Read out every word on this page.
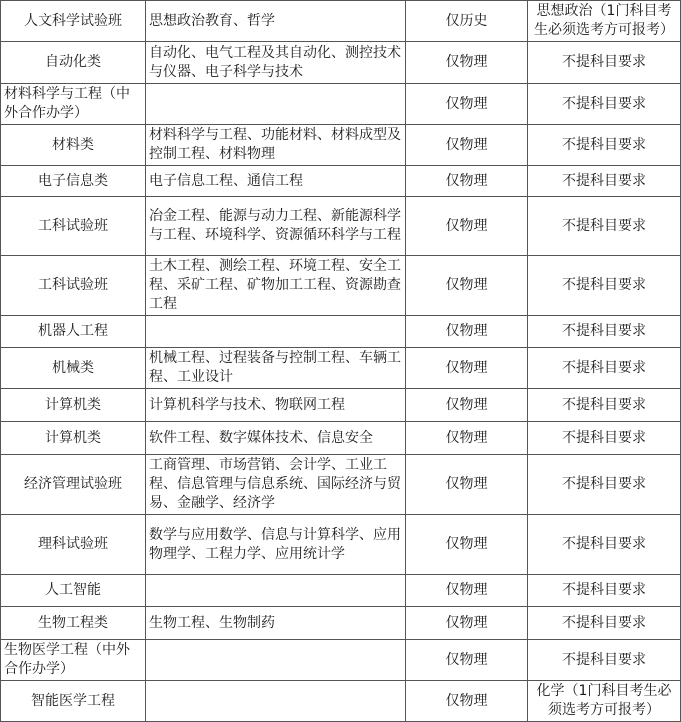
人文科学试验班	思想政治教育、哲学	仅历史	思想政治（1门科目考生必须选考方可报考）
自动化类	自动化、电气工程及其自动化、测控技术与仪器、电子科学与技术	仅物理	不提科目要求
材料科学与工程（中外合作办学）		仅物理	不提科目要求
材料类	材料科学与工程、功能材料、材料成型及控制工程、材料物理	仅物理	不提科目要求
电子信息类	电子信息工程、通信工程	仅物理	不提科目要求
工科试验班	冶金工程、能源与动力工程、新能源科学与工程、环境科学、资源循环科学与工程	仅物理	不提科目要求
工科试验班	土木工程、测绘工程、环境工程、安全工程、采矿工程、矿物加工工程、资源勘查工程	仅物理	不提科目要求
机器人工程		仅物理	不提科目要求
机械类	机械工程、过程装备与控制工程、车辆工程、工业设计	仅物理	不提科目要求
计算机类	计算机科学与技术、物联网工程	仅物理	不提科目要求
计算机类	软件工程、数字媒体技术、信息安全	仅物理	不提科目要求
经济管理试验班	工商管理、市场营销、会计学、工业工程、信息管理与信息系统、国际经济与贸易、金融学、经济学	仅物理	不提科目要求
理科试验班	数学与应用数学、信息与计算科学、应用物理学、工程力学、应用统计学	仅物理	不提科目要求
人工智能		仅物理	不提科目要求
生物工程类	生物工程、生物制药	仅物理	不提科目要求
生物医学工程（中外合作办学）		仅物理	不提科目要求
智能医学工程		仅物理	化学（1门科目考生必须选考方可报考）
